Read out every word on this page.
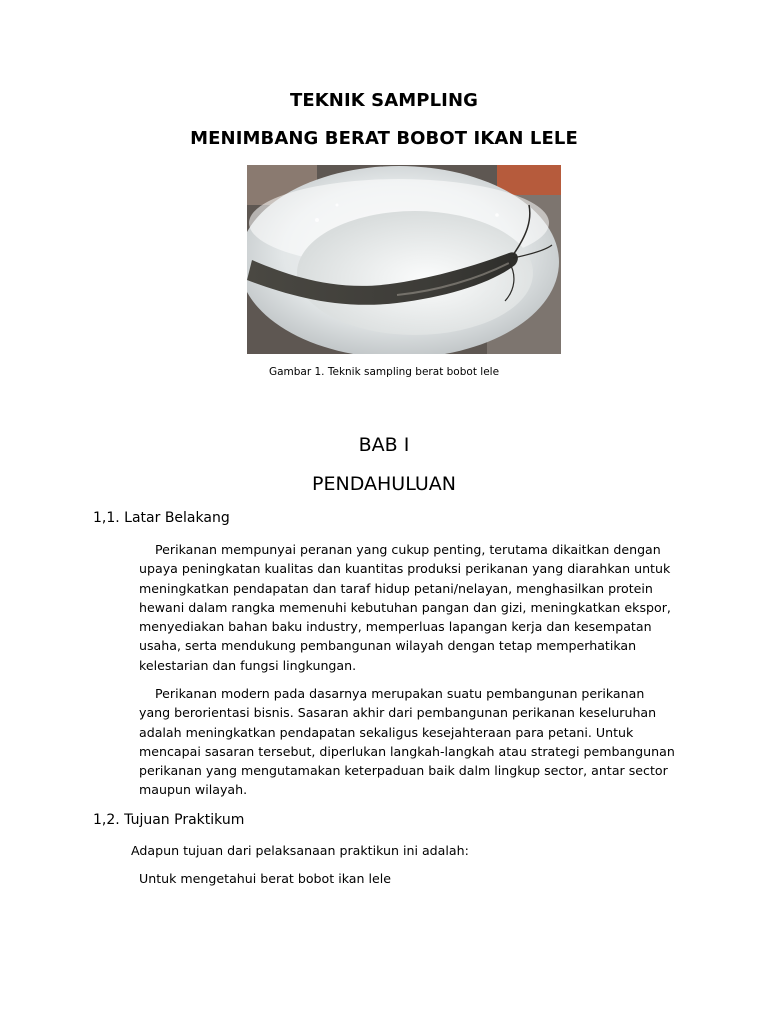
TEKNIK SAMPLING
MENIMBANG BERAT BOBOT IKAN LELE
Gambar 1. Teknik sampling berat bobot lele
BAB I
PENDAHULUAN
1,1. Latar Belakang
Perikanan mempunyai peranan yang cukup penting, terutama dikaitkan dengan
upaya peningkatan kualitas dan kuantitas produksi perikanan yang diarahkan untuk
meningkatkan pendapatan dan taraf hidup petani/nelayan, menghasilkan protein
hewani dalam rangka memenuhi kebutuhan pangan dan gizi, meningkatkan ekspor,
menyediakan bahan baku industry, memperluas lapangan kerja dan kesempatan
usaha, serta mendukung pembangunan wilayah dengan tetap memperhatikan
kelestarian dan fungsi lingkungan.
Perikanan modern pada dasarnya merupakan suatu pembangunan perikanan
yang berorientasi bisnis. Sasaran akhir dari pembangunan perikanan keseluruhan
adalah meningkatkan pendapatan sekaligus kesejahteraan para petani. Untuk
mencapai sasaran tersebut, diperlukan langkah-langkah atau strategi pembangunan
perikanan yang mengutamakan keterpaduan baik dalm lingkup sector, antar sector
maupun wilayah.
1,2. Tujuan Praktikum
Adapun tujuan dari pelaksanaan praktikun ini adalah:
Untuk mengetahui berat bobot ikan lele
